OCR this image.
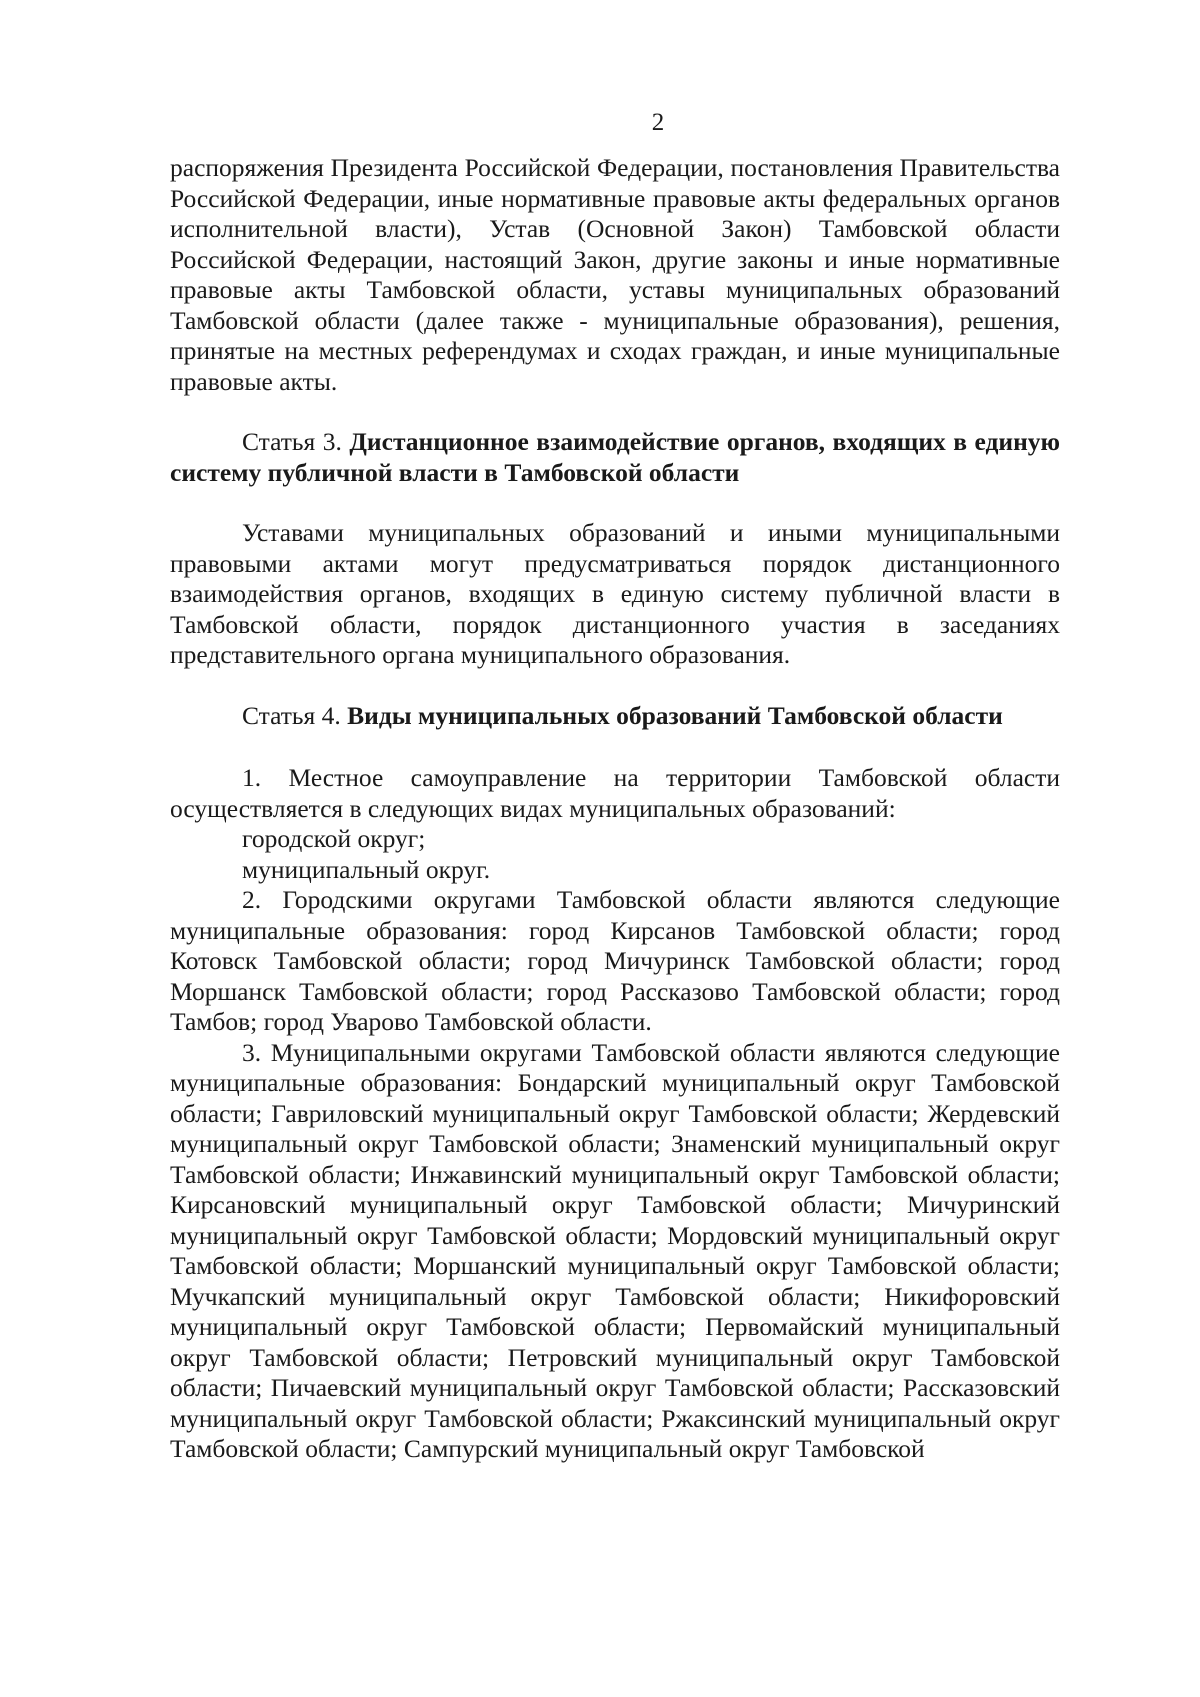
2

распоряжения Президента Российской Федерации, постановления Правительства Российской Федерации, иные нормативные правовые акты федеральных органов исполнительной власти), Устав (Основной Закон) Тамбовской области Российской Федерации, настоящий Закон, другие законы и иные нормативные правовые акты Тамбовской области, уставы муниципальных образований Тамбовской области (далее также - муниципальные образования), решения, принятые на местных референдумах и сходах граждан, и иные муниципальные правовые акты.

Статья 3. Дистанционное взаимодействие органов, входящих в единую систему публичной власти в Тамбовской области

Уставами муниципальных образований и иными муниципальными правовыми актами могут предусматриваться порядок дистанционного взаимодействия органов, входящих в единую систему публичной власти в Тамбовской области, порядок дистанционного участия в заседаниях представительного органа муниципального образования.

Статья 4. Виды муниципальных образований Тамбовской области

1. Местное самоуправление на территории Тамбовской области осуществляется в следующих видах муниципальных образований:

городской округ;

муниципальный округ.

2. Городскими округами Тамбовской области являются следующие муниципальные образования: город Кирсанов Тамбовской области; город Котовск Тамбовской области; город Мичуринск Тамбовской области; город Моршанск Тамбовской области; город Рассказово Тамбовской области; город Тамбов; город Уварово Тамбовской области.

3. Муниципальными округами Тамбовской области являются следующие муниципальные образования: Бондарский муниципальный округ Тамбовской области; Гавриловский муниципальный округ Тамбовской области; Жердевский муниципальный округ Тамбовской области; Знаменский муниципальный округ Тамбовской области; Инжавинский муниципальный округ Тамбовской области; Кирсановский муниципальный округ Тамбовской области; Мичуринский муниципальный округ Тамбовской области; Мордовский муниципальный округ Тамбовской области; Моршанский муниципальный округ Тамбовской области; Мучкапский муниципальный округ Тамбовской области; Никифоровский муниципальный округ Тамбовской области; Первомайский муниципальный округ Тамбовской области; Петровский муниципальный округ Тамбовской области; Пичаевский муниципальный округ Тамбовской области; Рассказовский муниципальный округ Тамбовской области; Ржаксинский муниципальный округ Тамбовской области; Сампурский муниципальный округ Тамбовской
